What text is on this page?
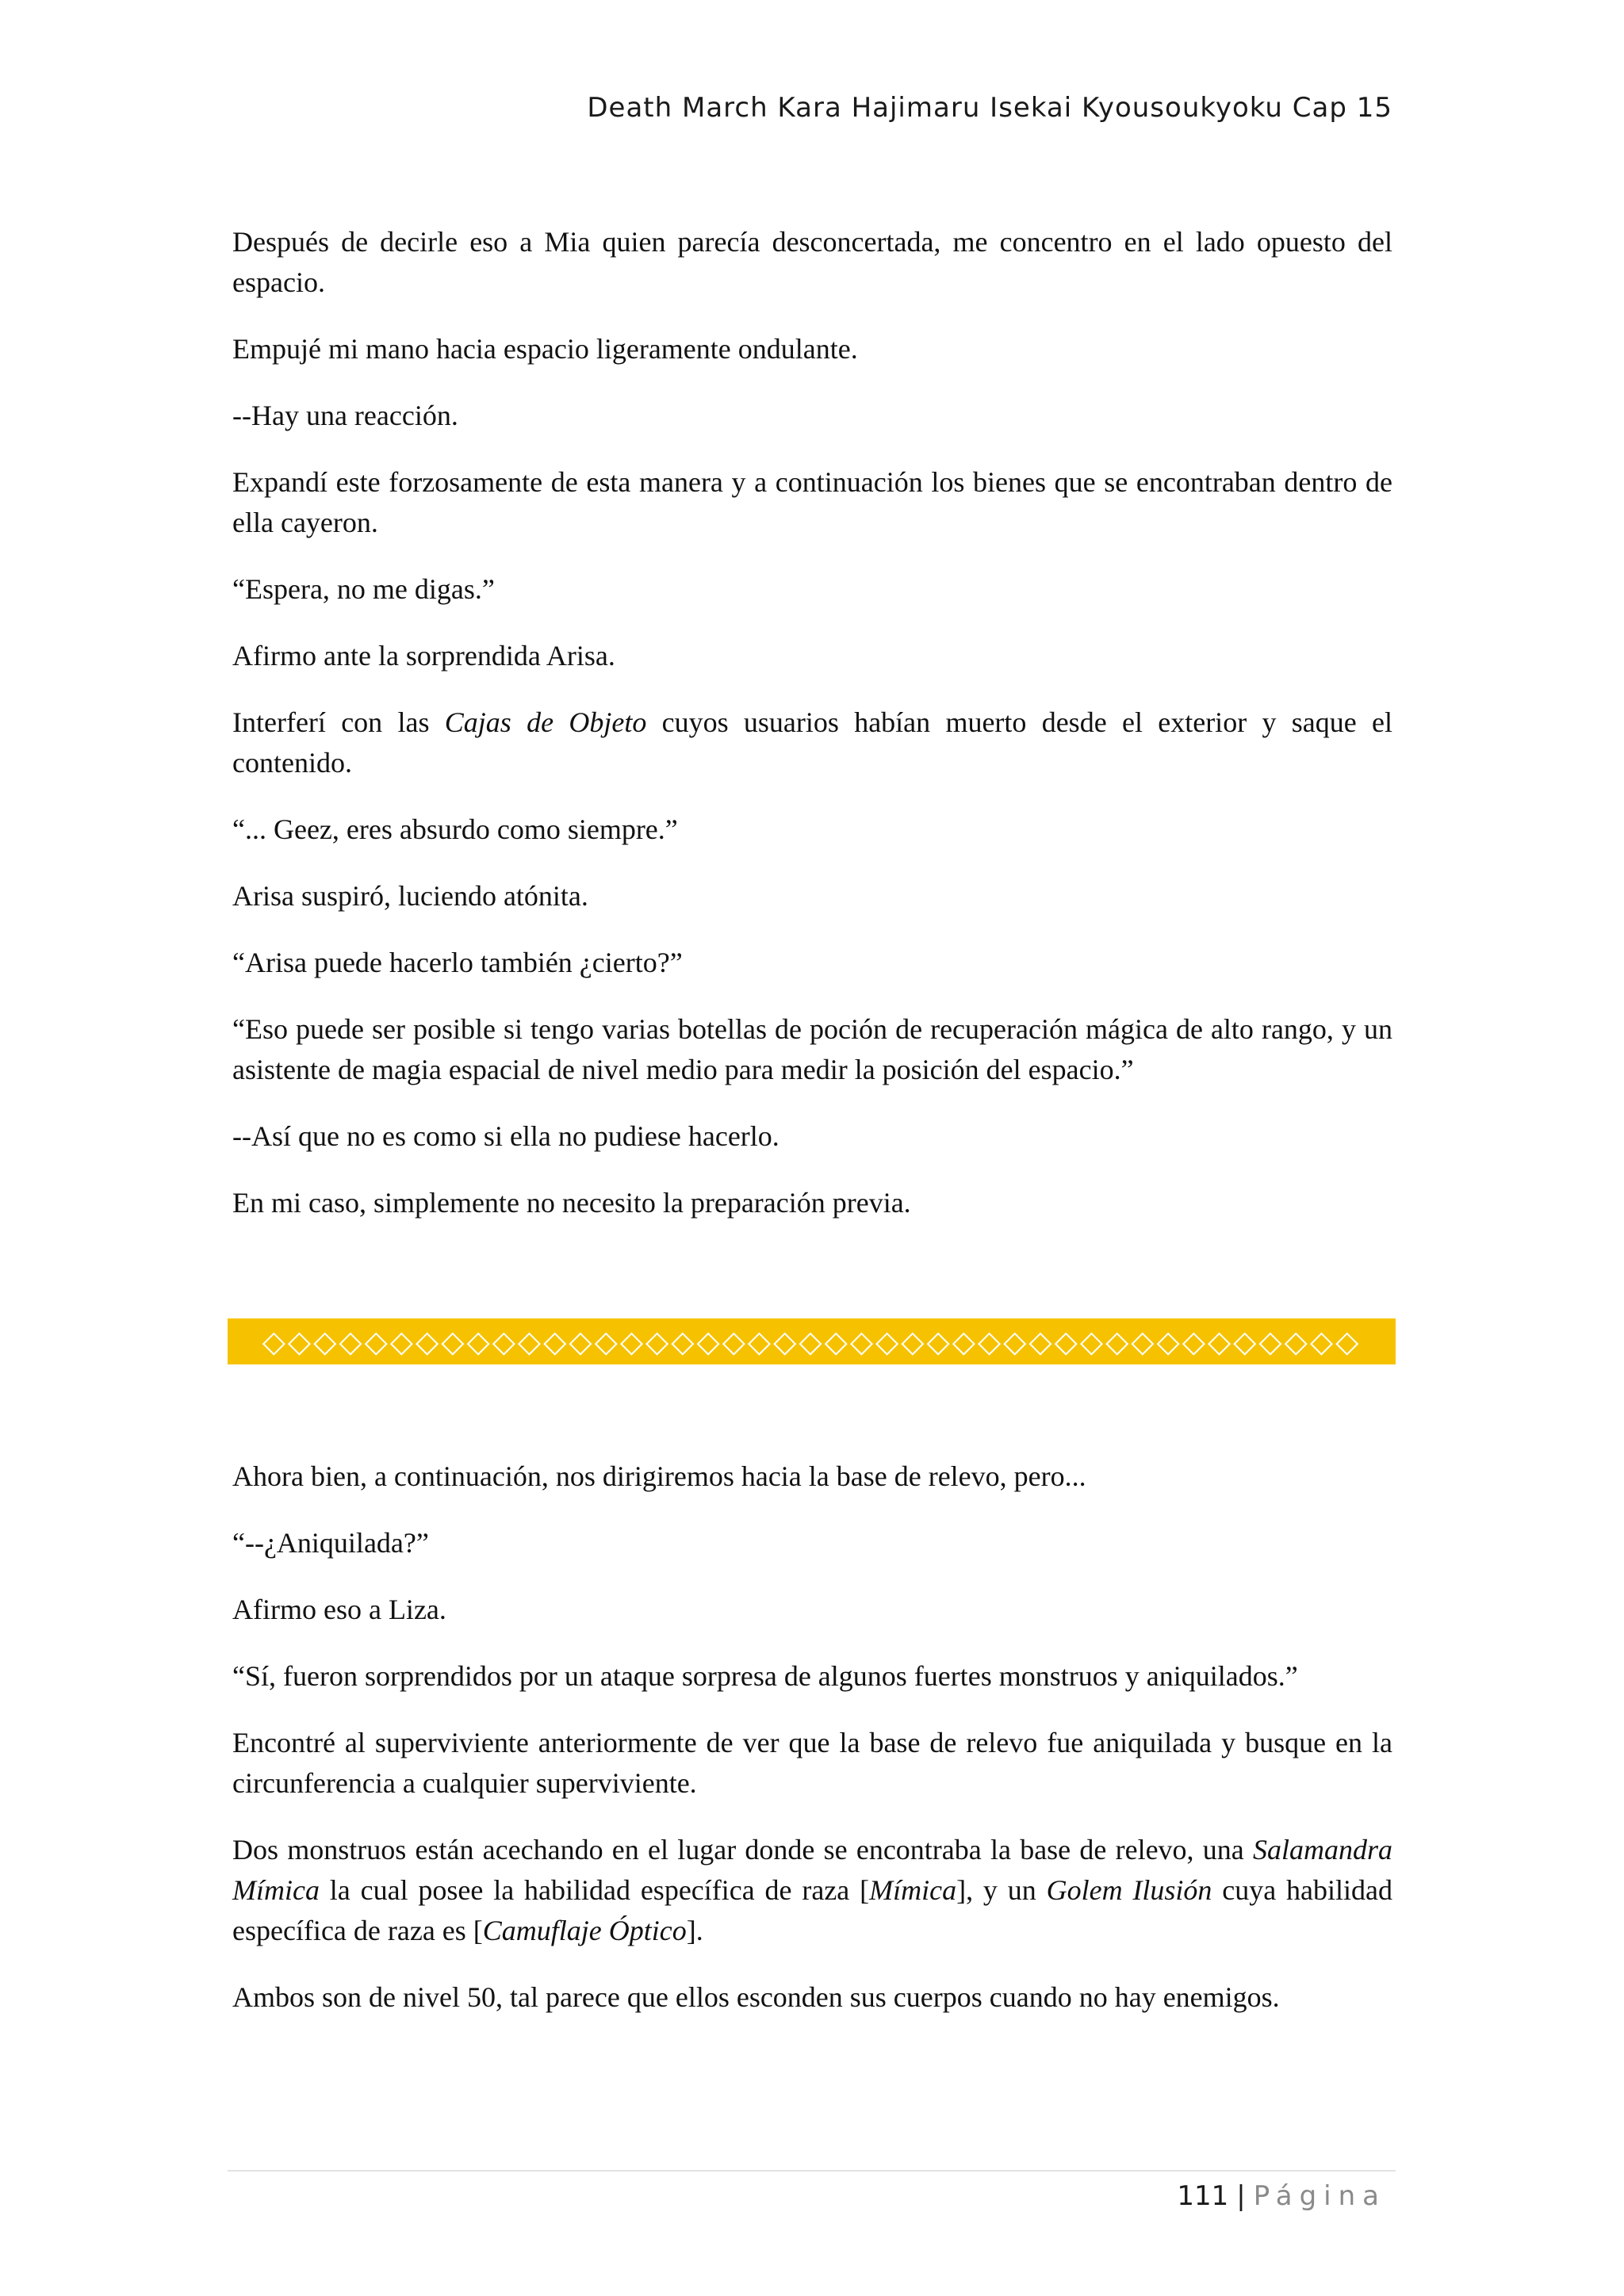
Death March Kara Hajimaru Isekai Kyousoukyoku Cap 15

Después de decirle eso a Mia quien parecía desconcertada, me concentro en el lado opuesto del espacio.

Empujé mi mano hacia espacio ligeramente ondulante.

--Hay una reacción.

Expandí este forzosamente de esta manera y a continuación los bienes que se encontraban dentro de ella cayeron.

“Espera, no me digas.”

Afirmo ante la sorprendida Arisa.

Interferí con las Cajas de Objeto cuyos usuarios habían muerto desde el exterior y saque el contenido.

“... Geez, eres absurdo como siempre.”

Arisa suspiró, luciendo atónita.

“Arisa puede hacerlo también ¿cierto?”

“Eso puede ser posible si tengo varias botellas de poción de recuperación mágica de alto rango, y un asistente de magia espacial de nivel medio para medir la posición del espacio.”

--Así que no es como si ella no pudiese hacerlo.

En mi caso, simplemente no necesito la preparación previa.

◇◇◇◇◇◇◇◇◇◇◇◇◇◇◇◇◇◇◇◇◇◇◇◇◇◇◇◇◇◇◇◇◇◇◇◇◇◇◇◇◇◇◇

Ahora bien, a continuación, nos dirigiremos hacia la base de relevo, pero...

“--¿Aniquilada?”

Afirmo eso a Liza.

“Sí, fueron sorprendidos por un ataque sorpresa de algunos fuertes monstruos y aniquilados.”

Encontré al superviviente anteriormente de ver que la base de relevo fue aniquilada y busque en la circunferencia a cualquier superviviente.

Dos monstruos están acechando en el lugar donde se encontraba la base de relevo, una Salamandra Mímica la cual posee la habilidad específica de raza [Mímica], y un Golem Ilusión cuya habilidad específica de raza es [Camuflaje Óptico].

Ambos son de nivel 50, tal parece que ellos esconden sus cuerpos cuando no hay enemigos.

111 | Página
